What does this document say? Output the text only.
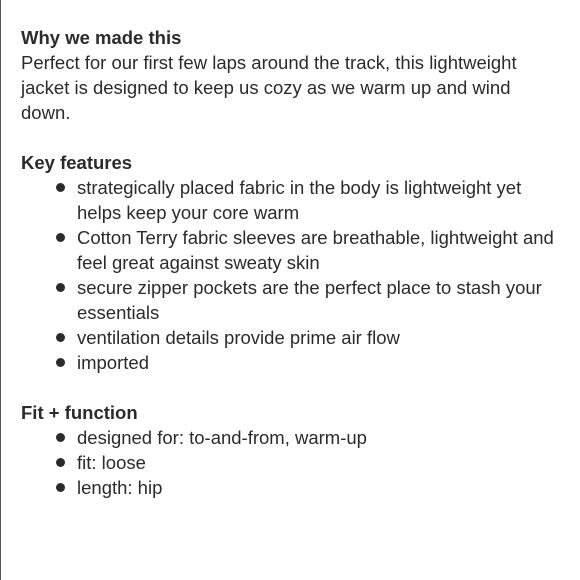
Why we made this

Perfect for our first few laps around the track, this lightweight jacket is designed to keep us cozy as we warm up and wind down.

Key features
strategically placed fabric in the body is lightweight yet helps keep your core warm
Cotton Terry fabric sleeves are breathable, lightweight and feel great against sweaty skin
secure zipper pockets are the perfect place to stash your essentials
ventilation details provide prime air flow
imported
Fit + function
designed for: to-and-from, warm-up
fit: loose
length: hip
